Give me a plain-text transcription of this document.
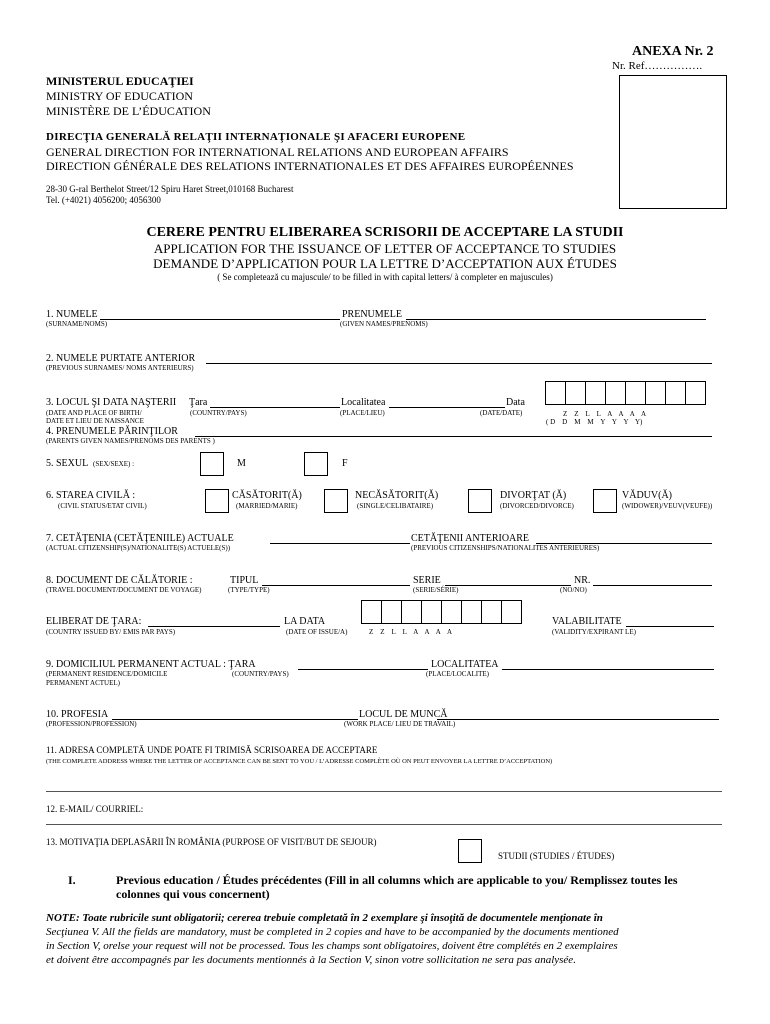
ANEXA Nr. 2
Nr. Ref…………….
MINISTERUL EDUCAŢIEI
MINISTRY OF EDUCATION
MINISTÈRE DE L’ÉDUCATION
DIRECŢIA GENERALĂ RELAŢII INTERNAŢIONALE ŞI AFACERI EUROPENE
GENERAL DIRECTION FOR INTERNATIONAL RELATIONS AND EUROPEAN AFFAIRS
DIRECTION GÉNÉRALE DES RELATIONS INTERNATIONALES ET DES AFFAIRES EUROPÉENNES
28-30 G-ral Berthelot Street/12 Spiru Haret Street,010168 Bucharest
Tel. (+4021) 4056200; 4056300
CERERE PENTRU ELIBERAREA SCRISORII DE ACCEPTARE LA STUDII
APPLICATION FOR THE ISSUANCE OF LETTER OF ACCEPTANCE TO STUDIES
DEMANDE D’APPLICATION POUR LA LETTRE D’ACCEPTATION AUX ÉTUDES
( Se completează cu majuscule/ to be filled in with capital letters/ à completer en majuscules)
1. NUMELE	PRENUMELE
(SURNAME/NOMS)	(GIVEN NAMES/PRENOMS)
2. NUMELE PURTATE ANTERIOR
(PREVIOUS SURNAMES/ NOMS ANTERIEURS)
3. LOCUL ŞI DATA NAŞTERII Ţara	Localitatea	Data
(DATE AND PLACE OF BIRTH/
DATE ET LIEU DE NAISSANCE
(COUNTRY/PAYS)	(PLACE/LIEU)	(DATE/DATE)	Z    Z    L    L    A    A    A    A
( D    D    M    M    Y    Y    Y    Y)
4. PRENUMELE PĂRINŢILOR
(PARENTS GIVEN NAMES/PRENOMS DES PARENTS )
5. SEXUL (SEX/SEXE) :	M	F
6. STAREA CIVILĂ :
(CIVIL STATUS/ETAT CIVIL)
CĂSĂTORIT(Ă)
(MARRIED/MARIE)
NECĂSĂTORIT(Ă)
(SINGLE/CELIBATAIRE)
DIVORŢAT (Ă)
(DIVORCED/DIVORCE)
VĂDUV(Ă)
(WIDOWER)/VEUV(VEUFE))
7. CETĂŢENIA (CETĂŢENIILE) ACTUALE	CETĂŢENII ANTERIOARE
(ACTUAL CITIZENSHIP(S)/NATIONALITE(S) ACTUELE(S))	(PREVIOUS CITIZENSHIPS/NATIONALITES ANTERIEURES)
8. DOCUMENT DE CĂLĂTORIE :	TIPUL	SERIE	NR.
(TRAVEL DOCUMENT/DOCUMENT DE VOYAGE)	(TYPE/TYPE)	(SERIE/SÉRIE)	(NO/NO)
ELIBERAT DE ŢARA:	LA DATA	VALABILITATE
(COUNTRY ISSUED BY/ EMIS PAR PAYS)	(DATE OF ISSUE/A)	Z    Z    L    L    A    A    A    A	(VALIDITY/EXPIRANT LE)
9. DOMICILIUL PERMANENT ACTUAL : ŢARA	LOCALITATEA
(PERMANENT RESIDENCE/DOMICILE
PERMANENT ACTUEL)
(COUNTRY/PAYS)	(PLACE/LOCALITE)
10. PROFESIA	LOCUL DE MUNCĂ
(PROFESSION/PROFESSION)	(WORK PLACE/ LIEU DE TRAVAIL)
11. ADRESA COMPLETĂ UNDE POATE FI TRIMISĂ SCRISOAREA DE ACCEPTARE
(THE COMPLETE ADDRESS WHERE THE LETTER OF ACCEPTANCE CAN BE SENT TO YOU / L’ADRESSE COMPLÈTE OÙ ON PEUT ENVOYER LA LETTRE D’ACCEPTATION)
12. E-MAIL/ COURRIEL:
13. MOTIVAŢIA DEPLASĂRII ÎN ROMÂNIA (PURPOSE OF VISIT/BUT DE SEJOUR)
STUDII (STUDIES / ÉTUDES)
I.	Previous education / Études précédentes (Fill in all columns which are applicable to you/ Remplissez toutes les
colonnes qui vous concernent)
NOTE: Toate rubricile sunt obligatorii; cererea trebuie completată în 2 exemplare şi însoţită de documentele menţionate în
Secţiunea V. All the fields are mandatory, must be completed in 2 copies and have to be accompanied by the documents mentioned
in Section V, orelse your request will not be processed. Tous les champs sont obligatoires, doivent être complétés en 2 exemplaires
et doivent être accompagnés par les documents mentionnés à la Section V, sinon votre sollicitation ne sera pas analysée.
